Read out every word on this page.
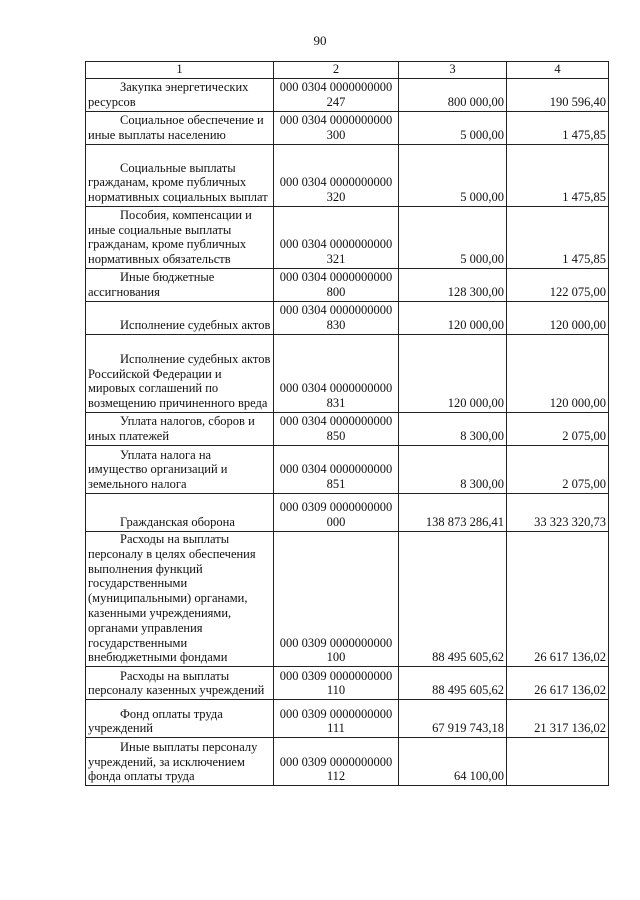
90
1	2	3	4

Закупка энергетических ресурсов	000 0304 0000000000
247	800 000,00	190 596,40

Социальное обеспечение и иные выплаты населению	000 0304 0000000000
300	5 000,00	1 475,85

Социальные выплаты гражданам, кроме публичных нормативных социальных выплат	000 0304 0000000000
320	5 000,00	1 475,85

Пособия, компенсации и иные социальные выплаты гражданам, кроме публичных нормативных обязательств	000 0304 0000000000
321	5 000,00	1 475,85

Иные бюджетные ассигнования	000 0304 0000000000
800	128 300,00	122 075,00

Исполнение судебных актов	000 0304 0000000000
830	120 000,00	120 000,00

Исполнение судебных актов Российской Федерации и мировых соглашений по возмещению причиненного вреда	000 0304 0000000000
831	120 000,00	120 000,00

Уплата налогов, сборов и иных платежей	000 0304 0000000000
850	8 300,00	2 075,00

Уплата налога на имущество организаций и земельного налога	000 0304 0000000000
851	8 300,00	2 075,00

Гражданская оборона	000 0309 0000000000
000	138 873 286,41	33 323 320,73

Расходы на выплаты персоналу в целях обеспечения выполнения функций государственными (муниципальными) органами, казенными учреждениями, органами управления государственными внебюджетными фондами	000 0309 0000000000
100	88 495 605,62	26 617 136,02

Расходы на выплаты персоналу казенных учреждений	000 0309 0000000000
110	88 495 605,62	26 617 136,02

Фонд оплаты труда учреждений	000 0309 0000000000
111	67 919 743,18	21 317 136,02

Иные выплаты персоналу учреждений, за исключением фонда оплаты труда	000 0309 0000000000
112	64 100,00	
